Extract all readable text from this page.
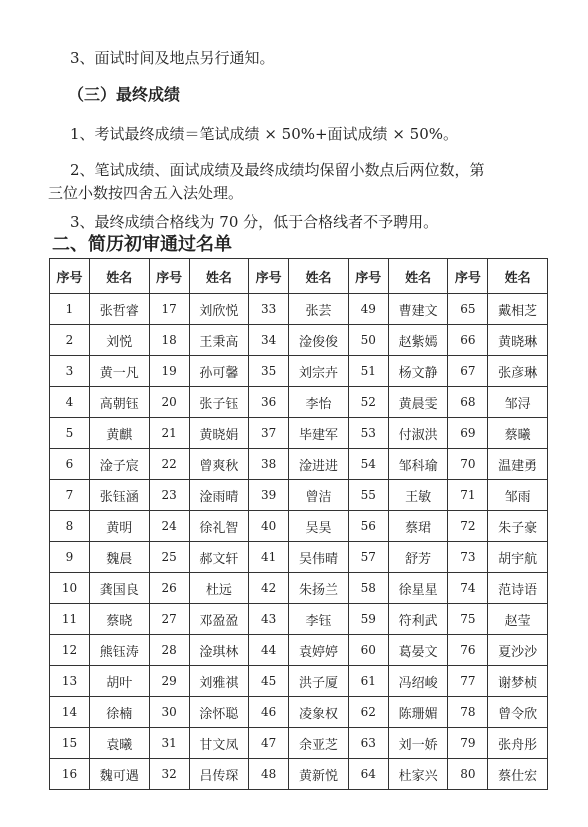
3、面试时间及地点另行通知。
（三）最终成绩
1、考试最终成绩＝笔试成绩 × 50%+面试成绩 × 50%。
2、笔试成绩、面试成绩及最终成绩均保留小数点后两位数，第
三位小数按四舍五入法处理。
3、最终成绩合格线为 70 分，低于合格线者不予聘用。
二、简历初审通过名单
序号	姓名	序号	姓名	序号	姓名	序号	姓名	序号	姓名
1	张哲睿	17	刘欣悦	33	张芸	49	曹建文	65	戴相芝
2	刘悦	18	王秉高	34	淦俊俊	50	赵紫嫣	66	黄晓琳
3	黄一凡	19	孙可馨	35	刘宗卉	51	杨文静	67	张彦琳
4	高朝钰	20	张子钰	36	李怡	52	黄晨雯	68	邹浔
5	黄麒	21	黄晓娟	37	毕建军	53	付淑洪	69	蔡曦
6	淦子宸	22	曾爽秋	38	淦进进	54	邹科瑜	70	温建勇
7	张钰涵	23	淦雨晴	39	曾洁	55	王敏	71	邹雨
8	黄明	24	徐礼智	40	吴昊	56	蔡珺	72	朱子豪
9	魏晨	25	郝文轩	41	吴伟晴	57	舒芳	73	胡宇航
10	龚国良	26	杜远	42	朱扬兰	58	徐星星	74	范诗语
11	蔡晓	27	邓盈盈	43	李钰	59	符利武	75	赵莹
12	熊钰涛	28	淦琪林	44	袁婷婷	60	葛晏文	76	夏沙沙
13	胡叶	29	刘雅祺	45	洪子厦	61	冯绍峻	77	谢梦桢
14	徐楠	30	涂怀聪	46	凌象权	62	陈珊媚	78	曾令欣
15	袁曦	31	甘文凤	47	余亚芝	63	刘一娇	79	张舟彤
16	魏可遇	32	吕传琛	48	黄新悦	64	杜家兴	80	蔡仕宏
